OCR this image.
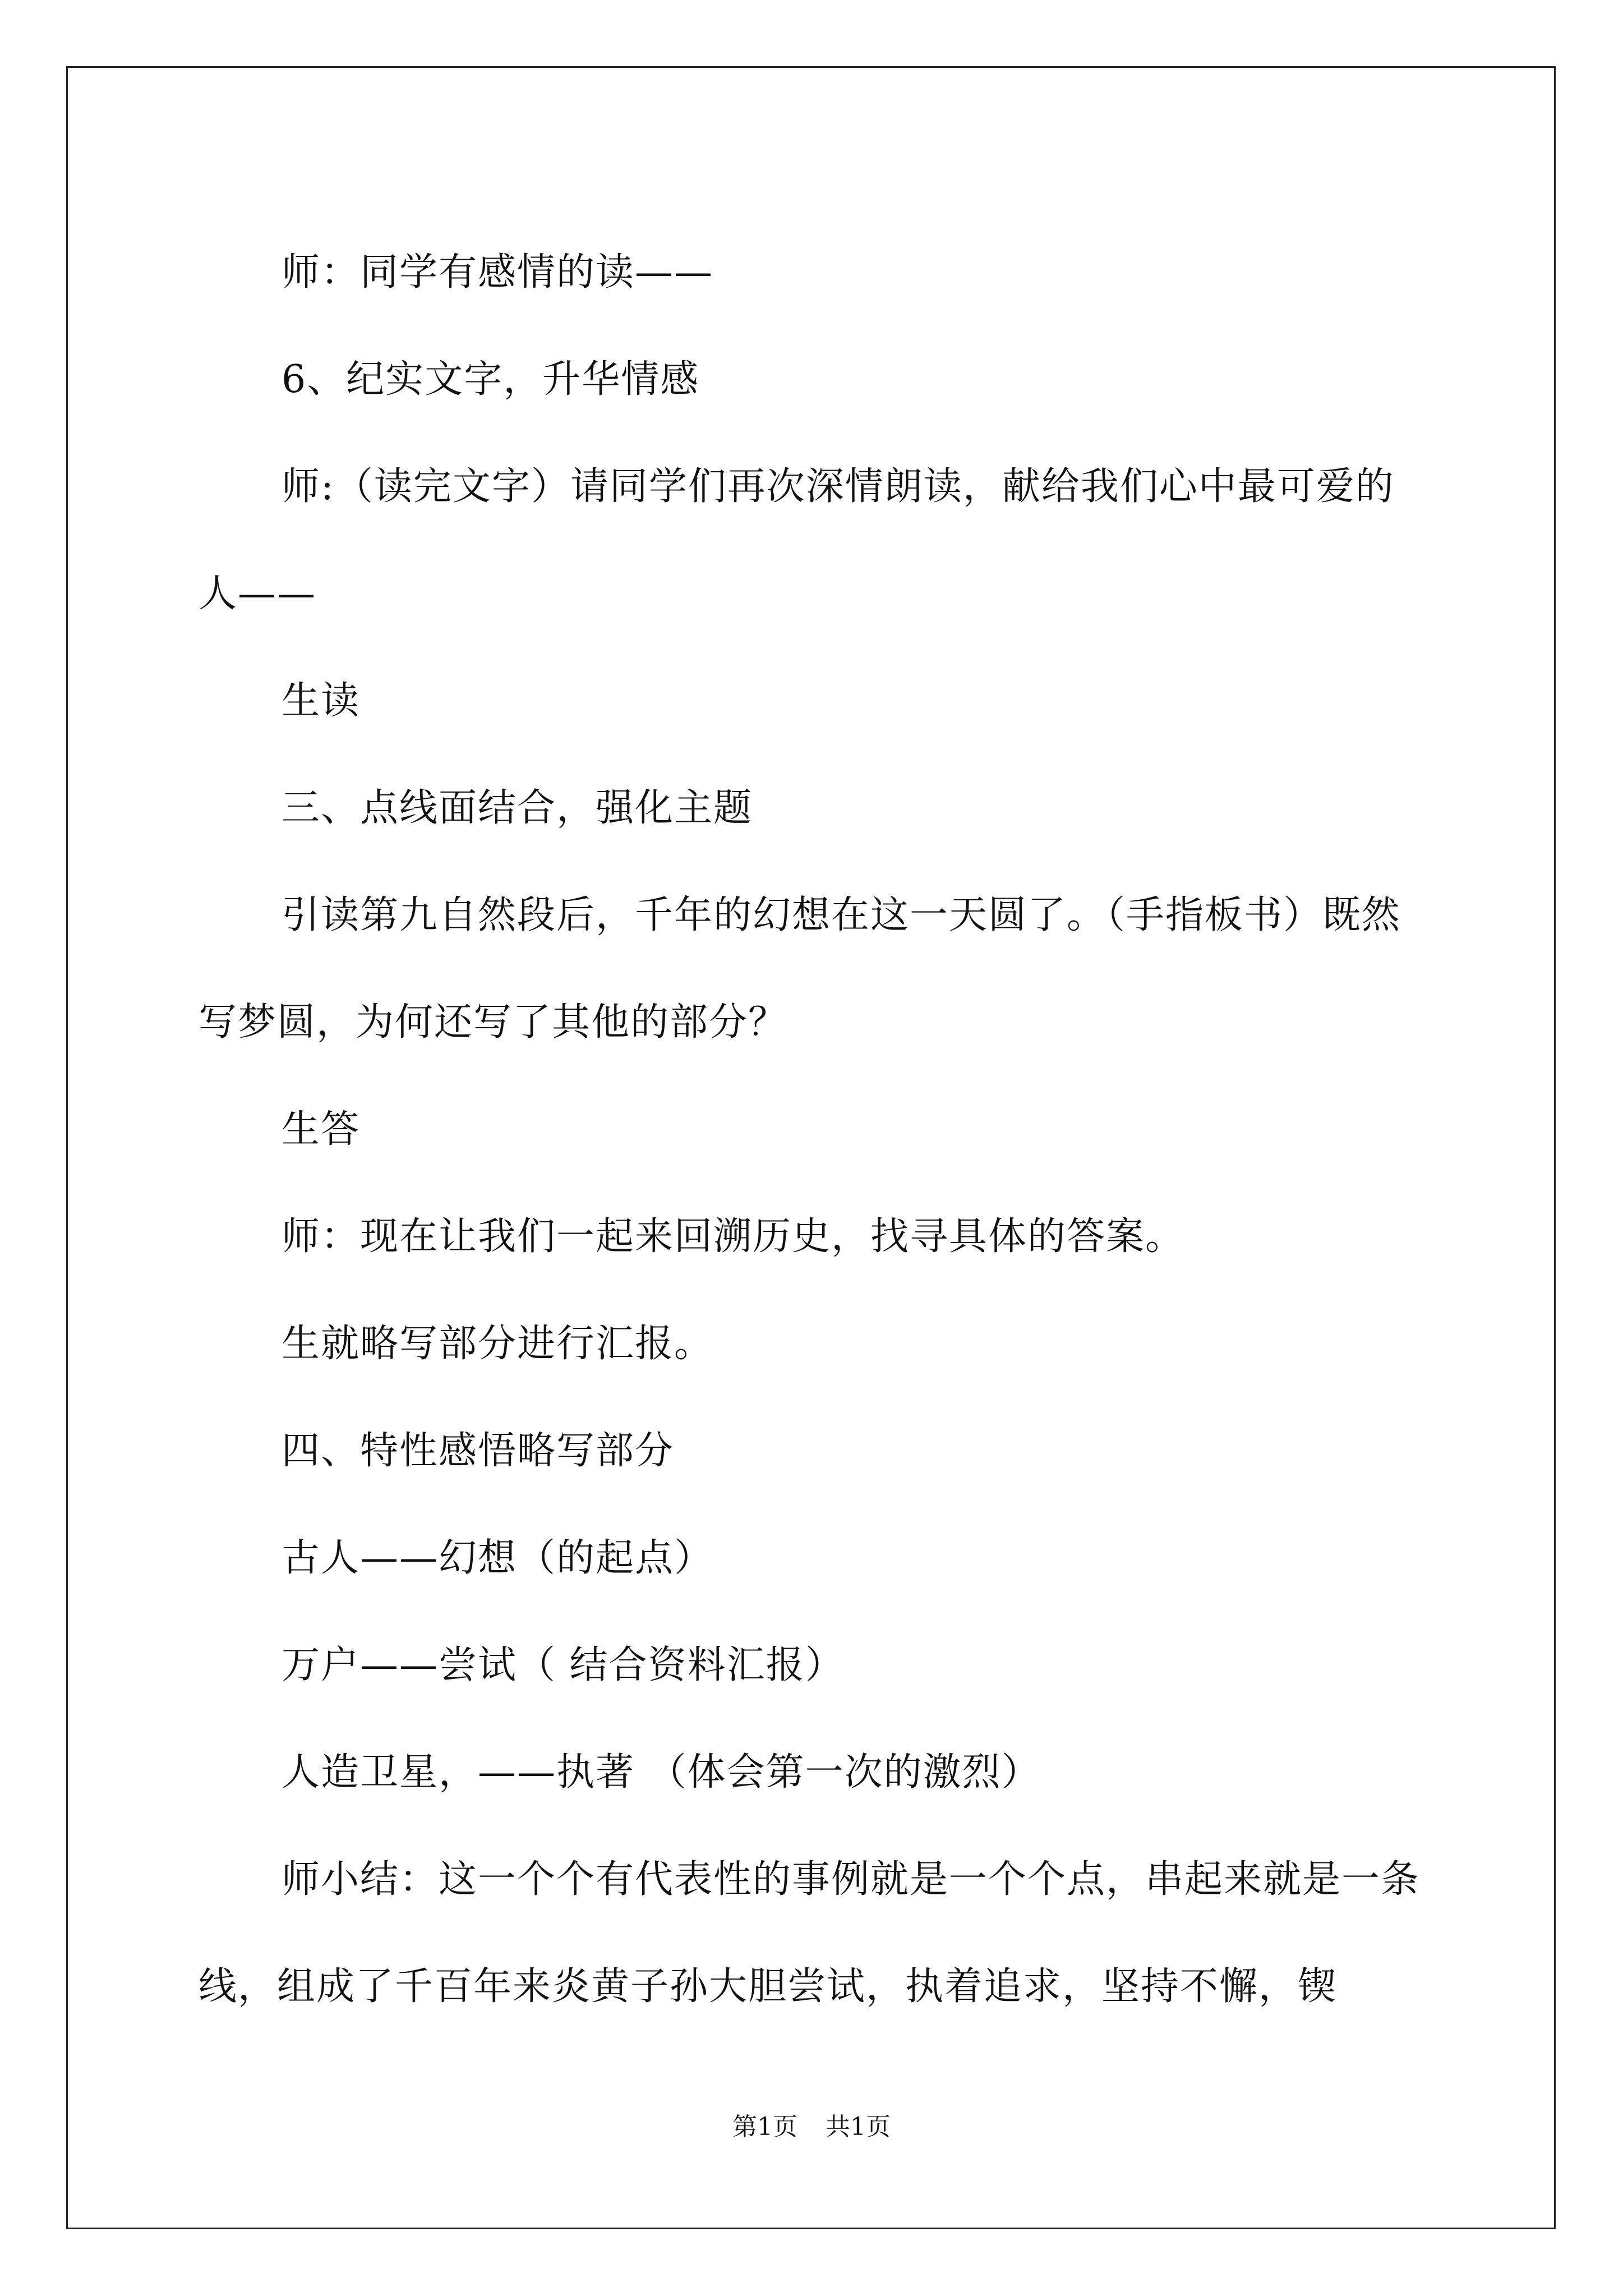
师：同学有感情的读——

6、纪实文字，升华情感

师:（读完文字）请同学们再次深情朗读，献给我们心中最可爱的人——

生读

三、点线面结合，强化主题

引读第九自然段后，千年的幻想在这一天圆了。（手指板书）既然写梦圆，为何还写了其他的部分？

生答

师：现在让我们一起来回溯历史，找寻具体的答案。

生就略写部分进行汇报。

四、特性感悟略写部分

古人——幻想（的起点）

万户——尝试（ 结合资料汇报）

人造卫星，——执著 （体会第一次的激烈）

师小结：这一个个有代表性的事例就是一个个点，串起来就是一条线，组成了千百年来炎黄子孙大胆尝试，执着追求，坚持不懈，锲

第1页 共1页
